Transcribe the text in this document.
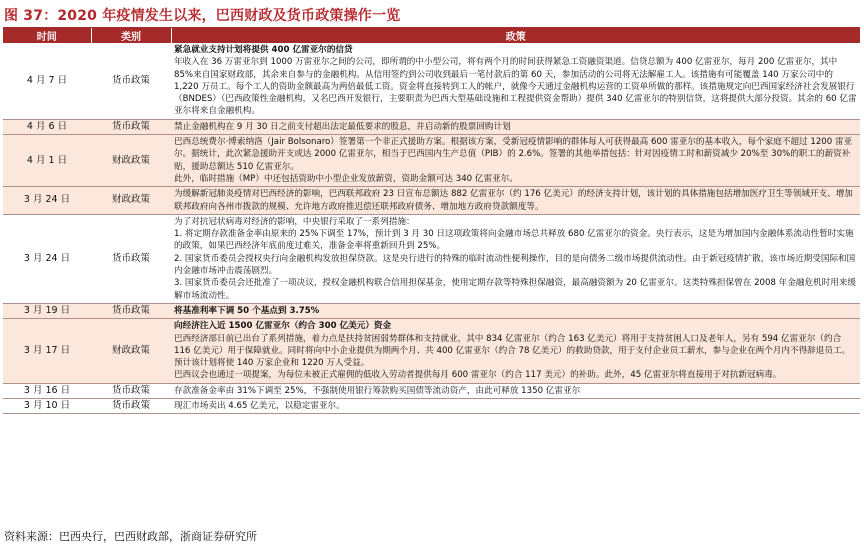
图 37：2020 年疫情发生以来，巴西财政及货币政策操作一览
时间	类别	政策
4 月 7 日	货币政策	紧急就业支持计划将提供 400 亿雷亚尔的信贷

年收入在 36 万雷亚尔到 1000 万雷亚尔之间的公司，即所谓的中小型公司，将有两个月的时间获得紧急工资融资渠道。信贷总额为 400 亿雷亚尔，每月 200 亿雷亚尔，其中 85%来自国家财政部，其余来自参与的金融机构。从信用签约到公司收到最后一笔付款后的第 60 天，参加活动的公司将无法解雇工人。该措施有可能覆盖 140 万家公司中的 1,220 万员工。每个工人的资助金额最高为两倍最低工资。资金将直接转到工人的帐户，就像今天通过金融机构运营的工资单所做的那样。该措施规定向巴西国家经济社会发展银行（BNDES）（巴西政策性金融机构，又名巴西开发银行，主要职责为巴西大型基础设施和工程提供资金帮助）提供 340 亿雷亚尔的特别信贷，这将提供大部分投资。其余的 60 亿雷亚尔将来自金融机构。

4 月 6 日	货币政策	禁止金融机构在 9 月 30 日之前支付超出法定最低要求的股息，并启动新的股票回购计划

4 月 1 日	财政政策	巴西总统费尔·博索纳洛（Jair Bolsonaro）签署第一个非正式援助方案。根据该方案，受新冠疫情影响的群体每人可获得最高 600 雷亚尔的基本收入，每个家庭不超过 1200 雷亚尔。据统计，此次紧急援助开支或达 2000 亿雷亚尔，相当于巴西国内生产总值（PIB）的 2.6%。签署的其他举措包括：针对因疫情工时和薪资减少 20%至 30%的职工的薪资补贴，援助总额达 510 亿雷亚尔。

此外，临时措施（MP）中还包括资助中小型企业发放薪资，资助金额可达 340 亿雷亚尔。

3 月 24 日	财政政策	为缓解新冠肺炎疫情对巴西经济的影响，巴西联邦政府 23 日宣布总额达 882 亿雷亚尔（约 176 亿美元）的经济支持计划，该计划的具体措施包括增加医疗卫生等领域开支、增加联邦政府向各州市拨款的规模、允许地方政府推迟偿还联邦政府债务、增加地方政府贷款额度等。

3 月 24 日	货币政策	为了对抗冠状病毒对经济的影响，中央银行采取了一系列措施：

1. 将定期存款准备金率由原来的 25%下调至 17%，预计到 3 月 30 日这项政策将向金融市场总共释放 680 亿雷亚尔的资金。央行表示，这是为增加国内金融体系流动性暂时实施的政策，如果巴西经济年底前度过难关，准备金率将重新回升到 25%。

2. 国家货币委员会授权央行向金融机构发放担保贷款。这是央行进行的特殊的临时流动性便利操作，目的是向债务二级市场提供流动性。由于新冠疫情扩散，该市场近期受国际和国内金融市场冲击震荡剧烈。

3. 国家货币委员会还批准了一项决议，授权金融机构联合信用担保基金，使用定期存款等特殊担保融资，最高融资额为 20 亿雷亚尔。这类特殊担保曾在 2008 年金融危机时用来缓解市场流动性。

3 月 19 日	货币政策	将基准利率下调 50 个基点到 3.75%

3 月 17 日	财政政策	向经济注入近 1500 亿雷亚尔（约合 300 亿美元）资金

巴西经济部日前已出台了系列措施，着力点是扶持贫困弱势群体和支持就业，其中 834 亿雷亚尔（约合 163 亿美元）将用于支持贫困人口及老年人，另有 594 亿雷亚尔（约合 116 亿美元）用于保障就业。同时将向中小企业提供为期两个月、共 400 亿雷亚尔（约合 78 亿美元）的救助贷款，用于支付企业员工薪水，参与企业在两个月内不得辞退员工。预计该计划将使 140 万家企业和 1220 万人受益。

巴西议会也通过一项提案，为每位未被正式雇佣的低收入劳动者提供每月 600 雷亚尔（约合 117 美元）的补助。此外，45 亿雷亚尔将直接用于对抗新冠病毒。

3 月 16 日	货币政策	存款准备金率由 31%下调至 25%，不强制使用银行筹款购买国债等流动资产，由此可释放 1350 亿雷亚尔

3 月 10 日	货币政策	现汇市场卖出 4.65 亿美元，以稳定雷亚尔。

资料来源：巴西央行，巴西财政部，浙商证券研究所
